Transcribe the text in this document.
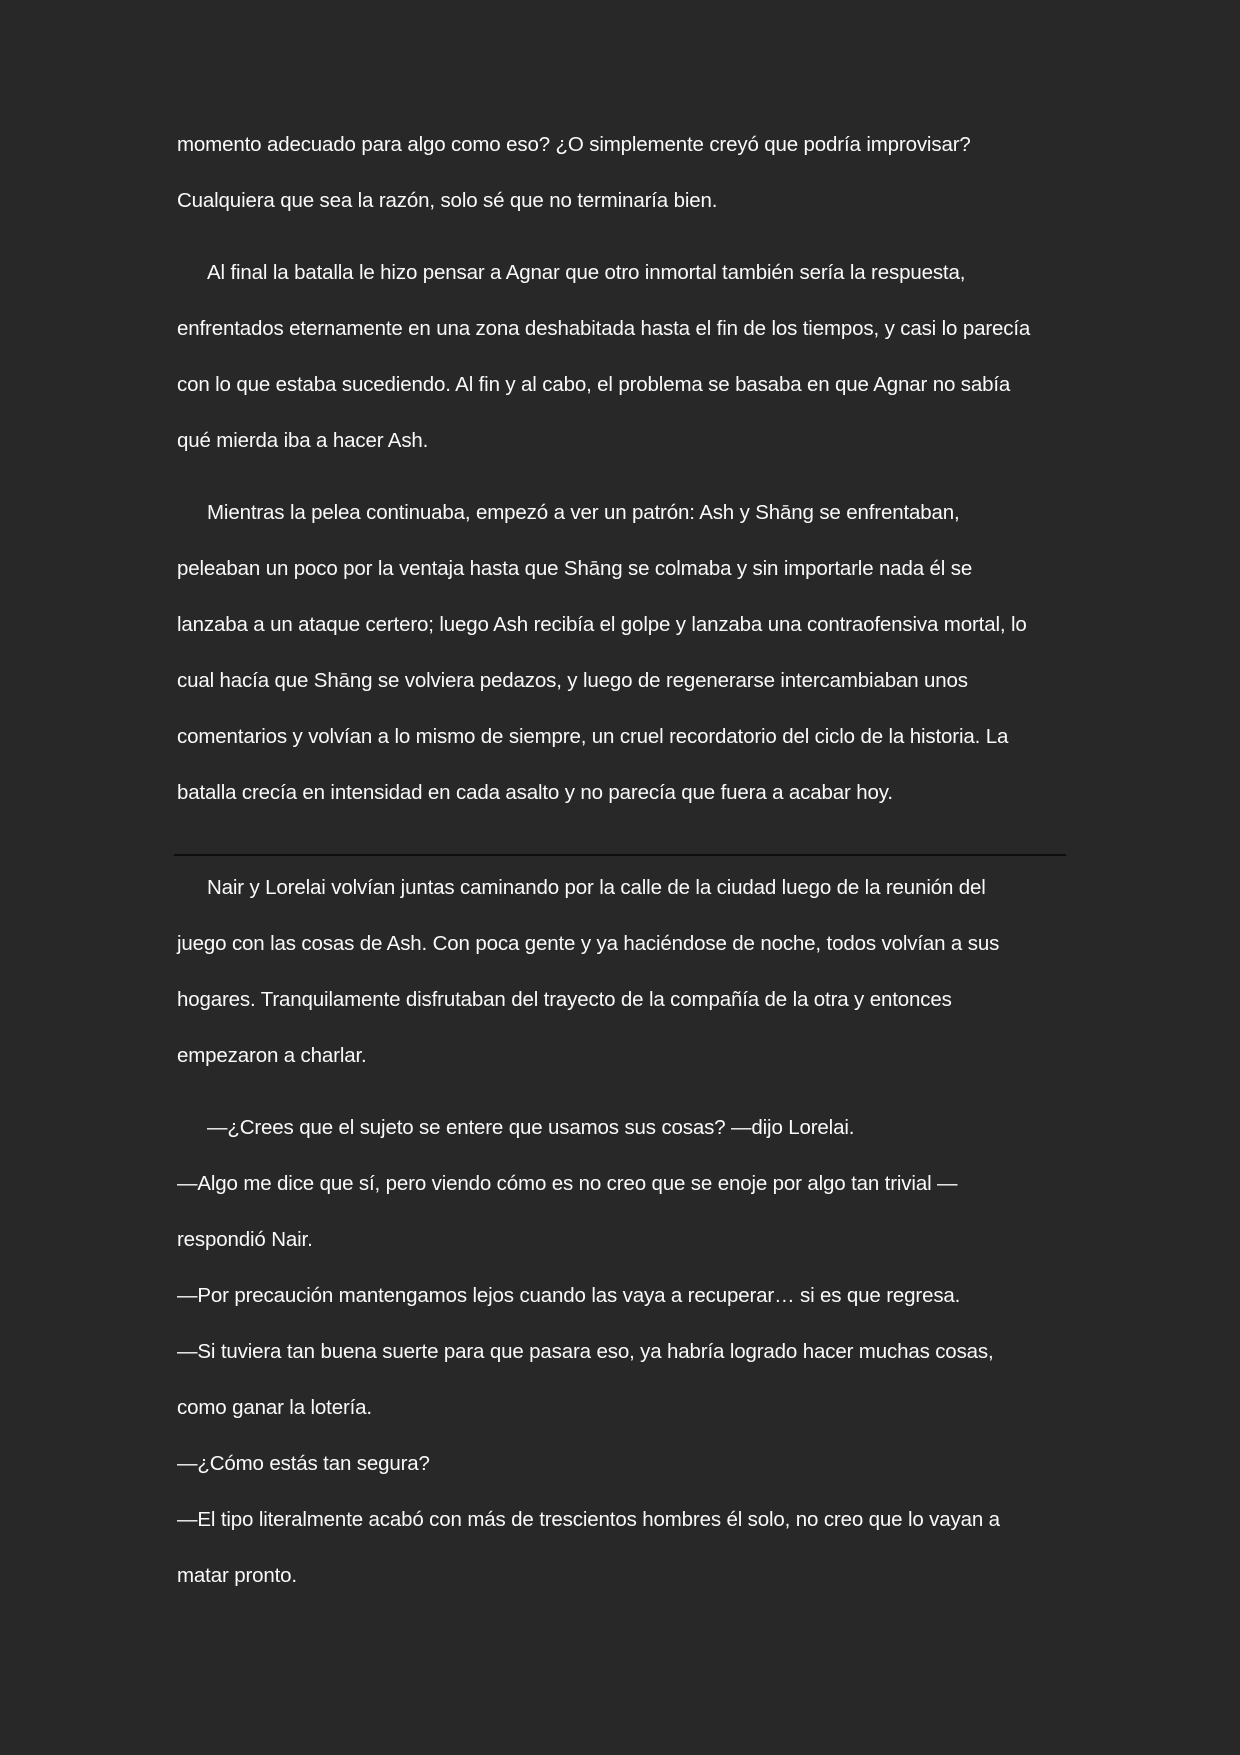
momento adecuado para algo como eso? ¿O simplemente creyó que podría improvisar?
Cualquiera que sea la razón, solo sé que no terminaría bien.
Al final la batalla le hizo pensar a Agnar que otro inmortal también sería la respuesta,
enfrentados eternamente en una zona deshabitada hasta el fin de los tiempos, y casi lo parecía
con lo que estaba sucediendo. Al fin y al cabo, el problema se basaba en que Agnar no sabía
qué mierda iba a hacer Ash.
Mientras la pelea continuaba, empezó a ver un patrón: Ash y Shāng se enfrentaban,
peleaban un poco por la ventaja hasta que Shāng se colmaba y sin importarle nada él se
lanzaba a un ataque certero; luego Ash recibía el golpe y lanzaba una contraofensiva mortal, lo
cual hacía que Shāng se volviera pedazos, y luego de regenerarse intercambiaban unos
comentarios y volvían a lo mismo de siempre, un cruel recordatorio del ciclo de la historia. La
batalla crecía en intensidad en cada asalto y no parecía que fuera a acabar hoy.
Nair y Lorelai volvían juntas caminando por la calle de la ciudad luego de la reunión del
juego con las cosas de Ash. Con poca gente y ya haciéndose de noche, todos volvían a sus
hogares. Tranquilamente disfrutaban del trayecto de la compañía de la otra y entonces
empezaron a charlar.
—¿Crees que el sujeto se entere que usamos sus cosas? —dijo Lorelai.
—Algo me dice que sí, pero viendo cómo es no creo que se enoje por algo tan trivial —
respondió Nair.
—Por precaución mantengamos lejos cuando las vaya a recuperar… si es que regresa.
—Si tuviera tan buena suerte para que pasara eso, ya habría logrado hacer muchas cosas,
como ganar la lotería.
—¿Cómo estás tan segura?
—El tipo literalmente acabó con más de trescientos hombres él solo, no creo que lo vayan a
matar pronto.
